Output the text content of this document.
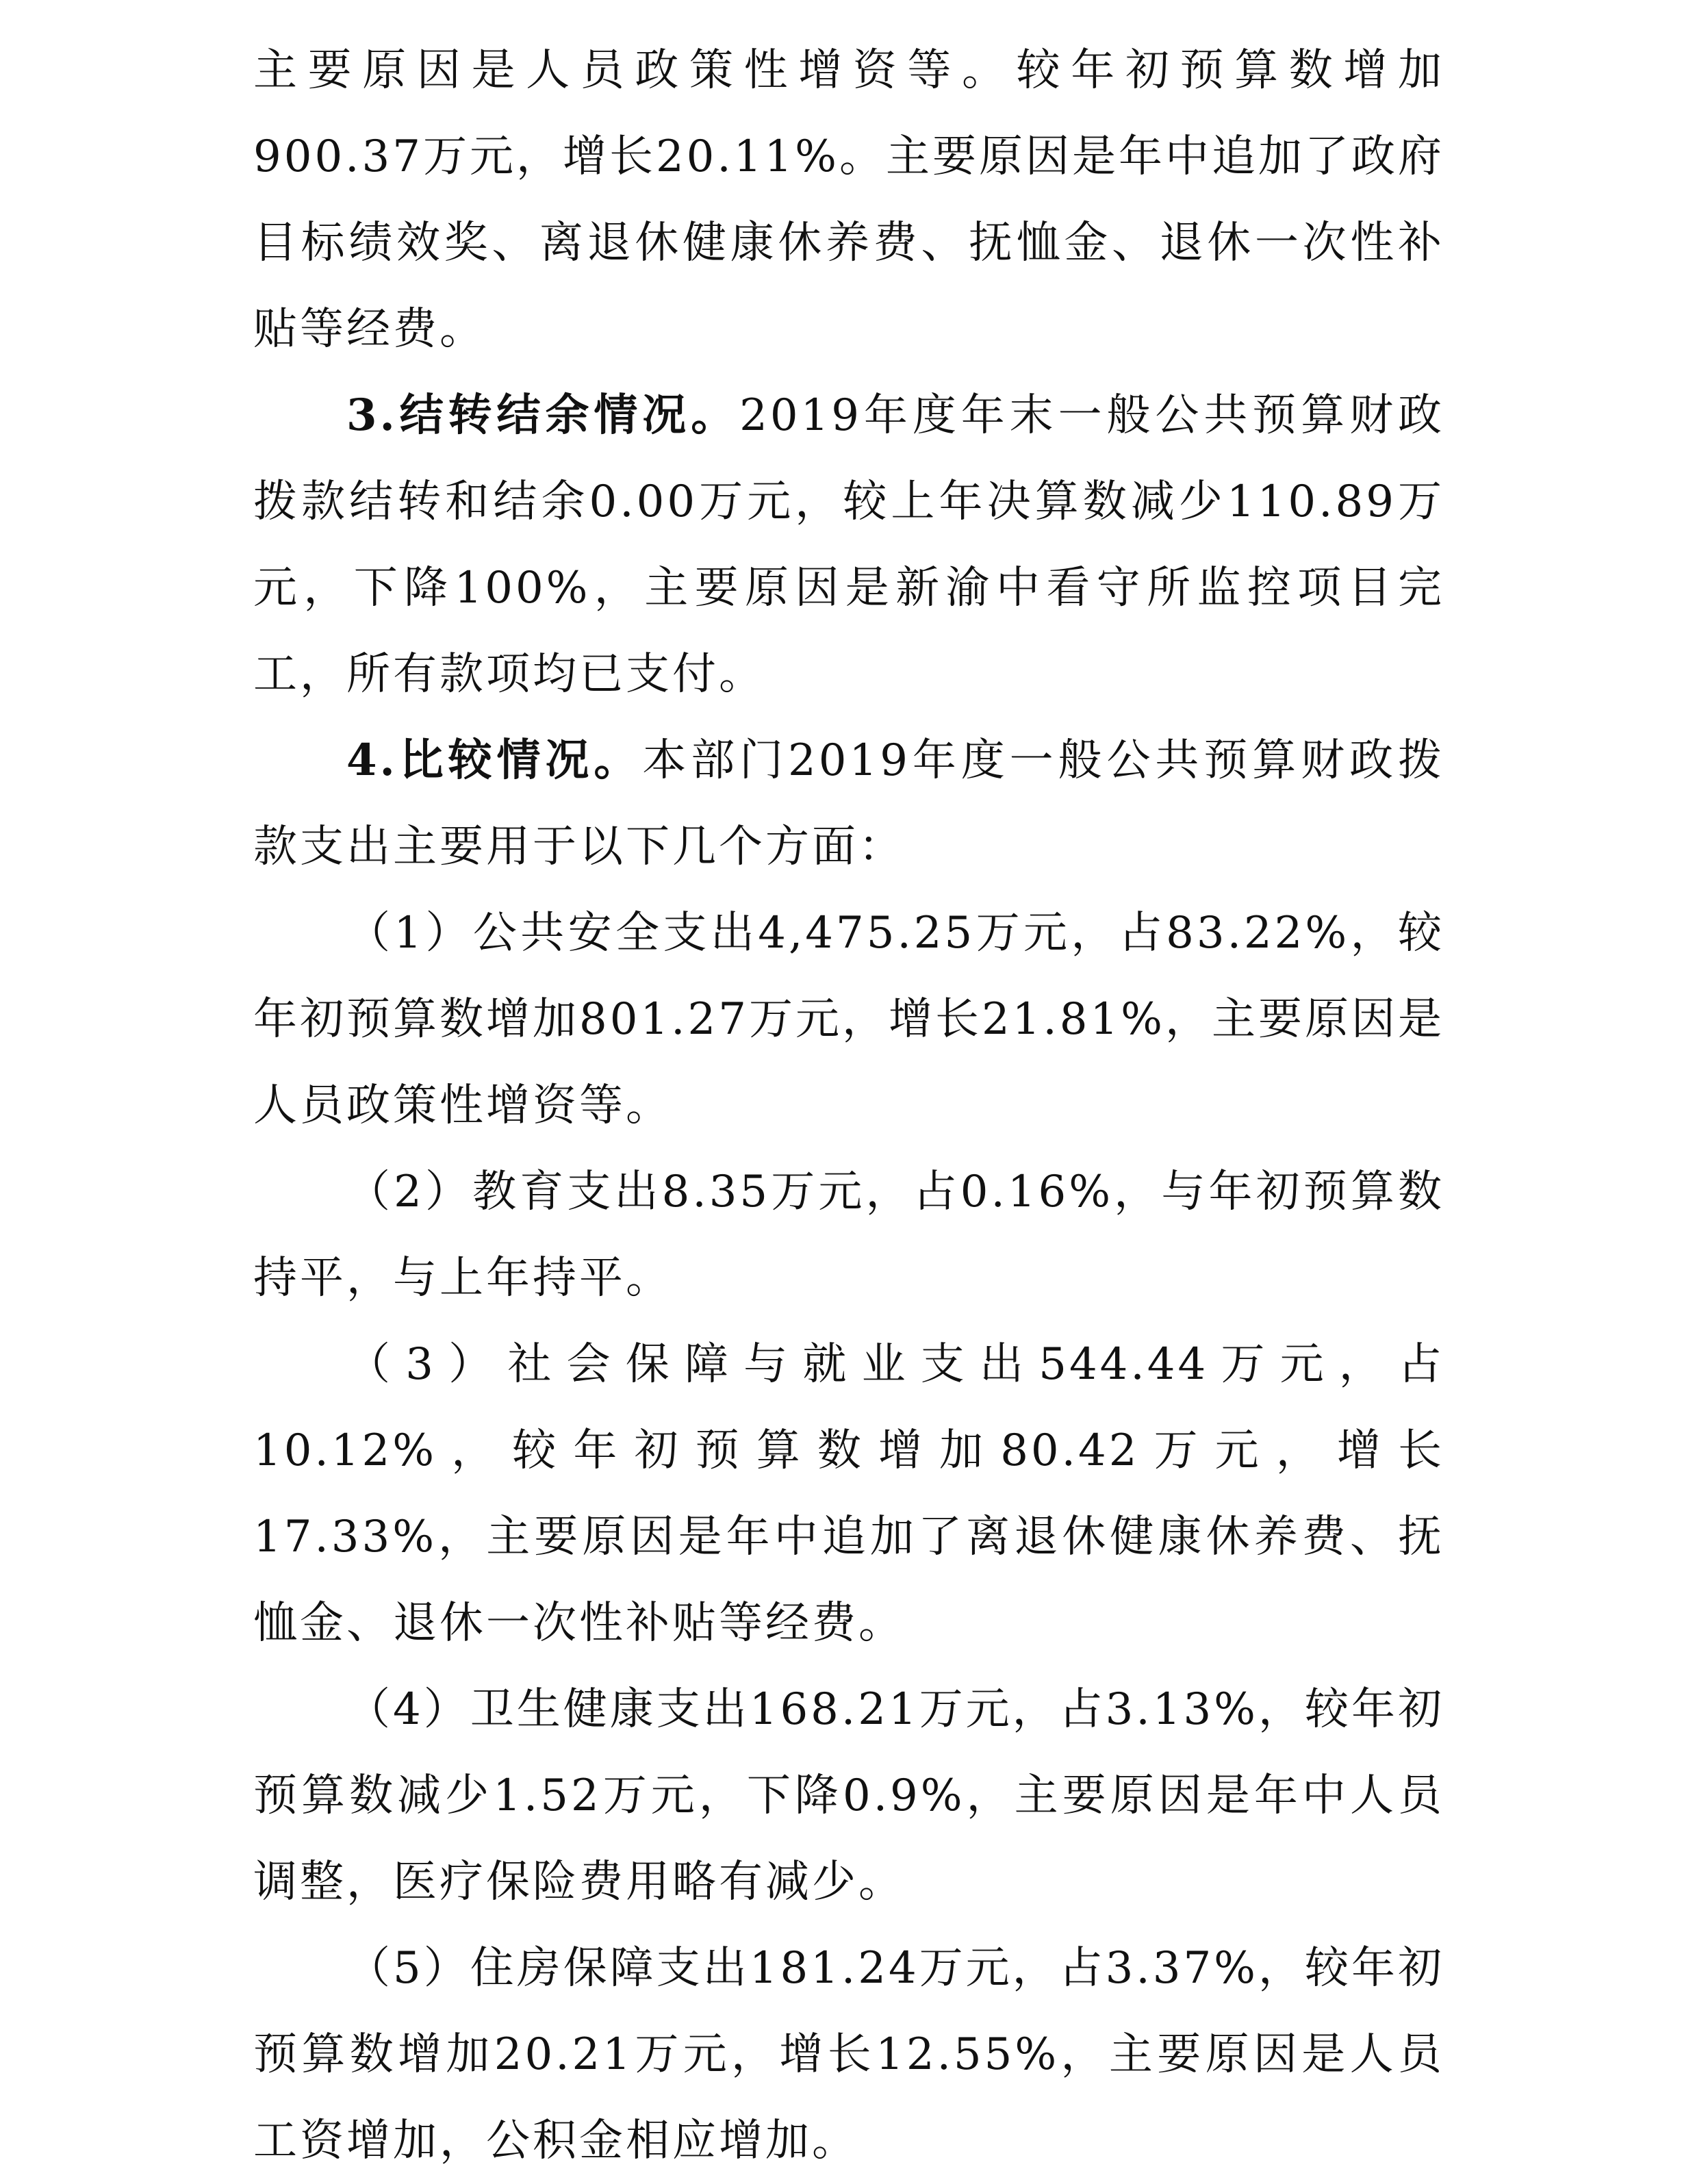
主要原因是人员政策性增资等。较年初预算数增加900.37万元，增长20.11%。主要原因是年中追加了政府目标绩效奖、离退休健康休养费、抚恤金、退休一次性补贴等经费。

3.结转结余情况。2019年度年末一般公共预算财政拨款结转和结余0.00万元，较上年决算数减少110.89万元，下降100%，主要原因是新渝中看守所监控项目完工，所有款项均已支付。

4.比较情况。本部门2019年度一般公共预算财政拨款支出主要用于以下几个方面：

（1）公共安全支出4,475.25万元，占83.22%，较年初预算数增加801.27万元，增长21.81%，主要原因是人员政策性增资等。

（2）教育支出8.35万元，占0.16%，与年初预算数持平，与上年持平。

（3）社会保障与就业支出544.44万元，占10.12%，较年初预算数增加80.42万元，增长17.33%，主要原因是年中追加了离退休健康休养费、抚恤金、退休一次性补贴等经费。

（4）卫生健康支出168.21万元，占3.13%，较年初预算数减少1.52万元，下降0.9%，主要原因是年中人员调整，医疗保险费用略有减少。

（5）住房保障支出181.24万元，占3.37%，较年初预算数增加20.21万元，增长12.55%，主要原因是人员工资增加，公积金相应增加。
